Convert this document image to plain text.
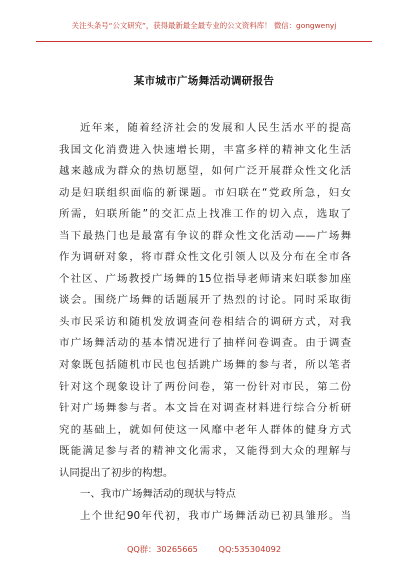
关注头条号“公文研究”，获得最新最全最专业的公文资料库！ 微信：gongwenyj
某市城市广场舞活动调研报告
近年来，随着经济社会的发展和人民生活水平的提高
我国文化消费进入快速增长期，丰富多样的精神文化生活
越来越成为群众的热切愿望，如何广泛开展群众性文化活
动是妇联组织面临的新课题。市妇联在“党政所急，妇女
所需，妇联所能”的交汇点上找准工作的切入点，选取了
当下最热门也是最富有争议的群众性文化活动——广场舞
作为调研对象，将市群众性文化引领人以及分布在全市各
个社区、广场教授广场舞的15位指导老师请来妇联参加座
谈会。围绕广场舞的话题展开了热烈的讨论。同时采取街
头市民采访和随机发放调查问卷相结合的调研方式，对我
市广场舞活动的基本情况进行了抽样问卷调查。由于调查
对象既包括随机市民也包括跳广场舞的参与者，所以笔者
针对这个现象设计了两份问卷，第一份针对市民，第二份
针对广场舞参与者。本文旨在对调查材料进行综合分析研
究的基础上，就如何使这一风靡中老年人群体的健身方式
既能满足参与者的精神文化需求，又能得到大众的理解与
认同提出了初步的构想。
一、我市广场舞活动的现状与特点
上个世纪90年代初，我市广场舞活动已初具雏形。当
QQ群：30265665	QQ:535304092
